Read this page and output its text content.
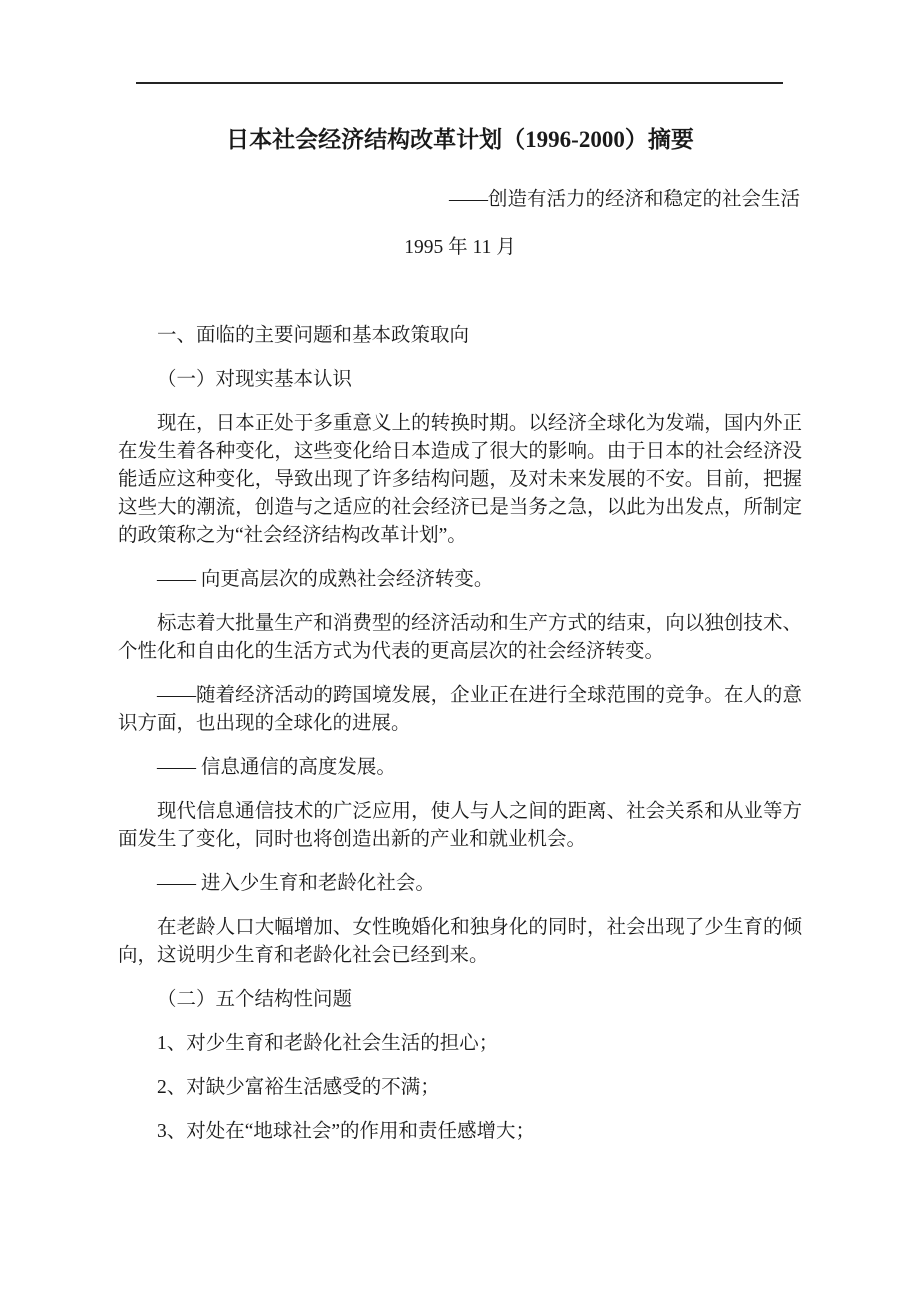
日本社会经济结构改革计划（1996-2000）摘要
——创造有活力的经济和稳定的社会生活
1995 年 11 月

一、面临的主要问题和基本政策取向

（一）对现实基本认识

现在，日本正处于多重意义上的转换时期。以经济全球化为发端，国内外正在发生着各种变化，这些变化给日本造成了很大的影响。由于日本的社会经济没能适应这种变化，导致出现了许多结构问题，及对未来发展的不安。目前，把握这些大的潮流，创造与之适应的社会经济已是当务之急，以此为出发点，所制定的政策称之为“社会经济结构改革计划”。

—— 向更高层次的成熟社会经济转变。

标志着大批量生产和消费型的经济活动和生产方式的结束，向以独创技术、个性化和自由化的生活方式为代表的更高层次的社会经济转变。

——随着经济活动的跨国境发展，企业正在进行全球范围的竞争。在人的意识方面，也出现的全球化的进展。

—— 信息通信的高度发展。

现代信息通信技术的广泛应用，使人与人之间的距离、社会关系和从业等方面发生了变化，同时也将创造出新的产业和就业机会。

—— 进入少生育和老龄化社会。

在老龄人口大幅增加、女性晚婚化和独身化的同时，社会出现了少生育的倾向，这说明少生育和老龄化社会已经到来。

（二）五个结构性问题

1、对少生育和老龄化社会生活的担心；

2、对缺少富裕生活感受的不满；

3、对处在“地球社会”的作用和责任感增大；
